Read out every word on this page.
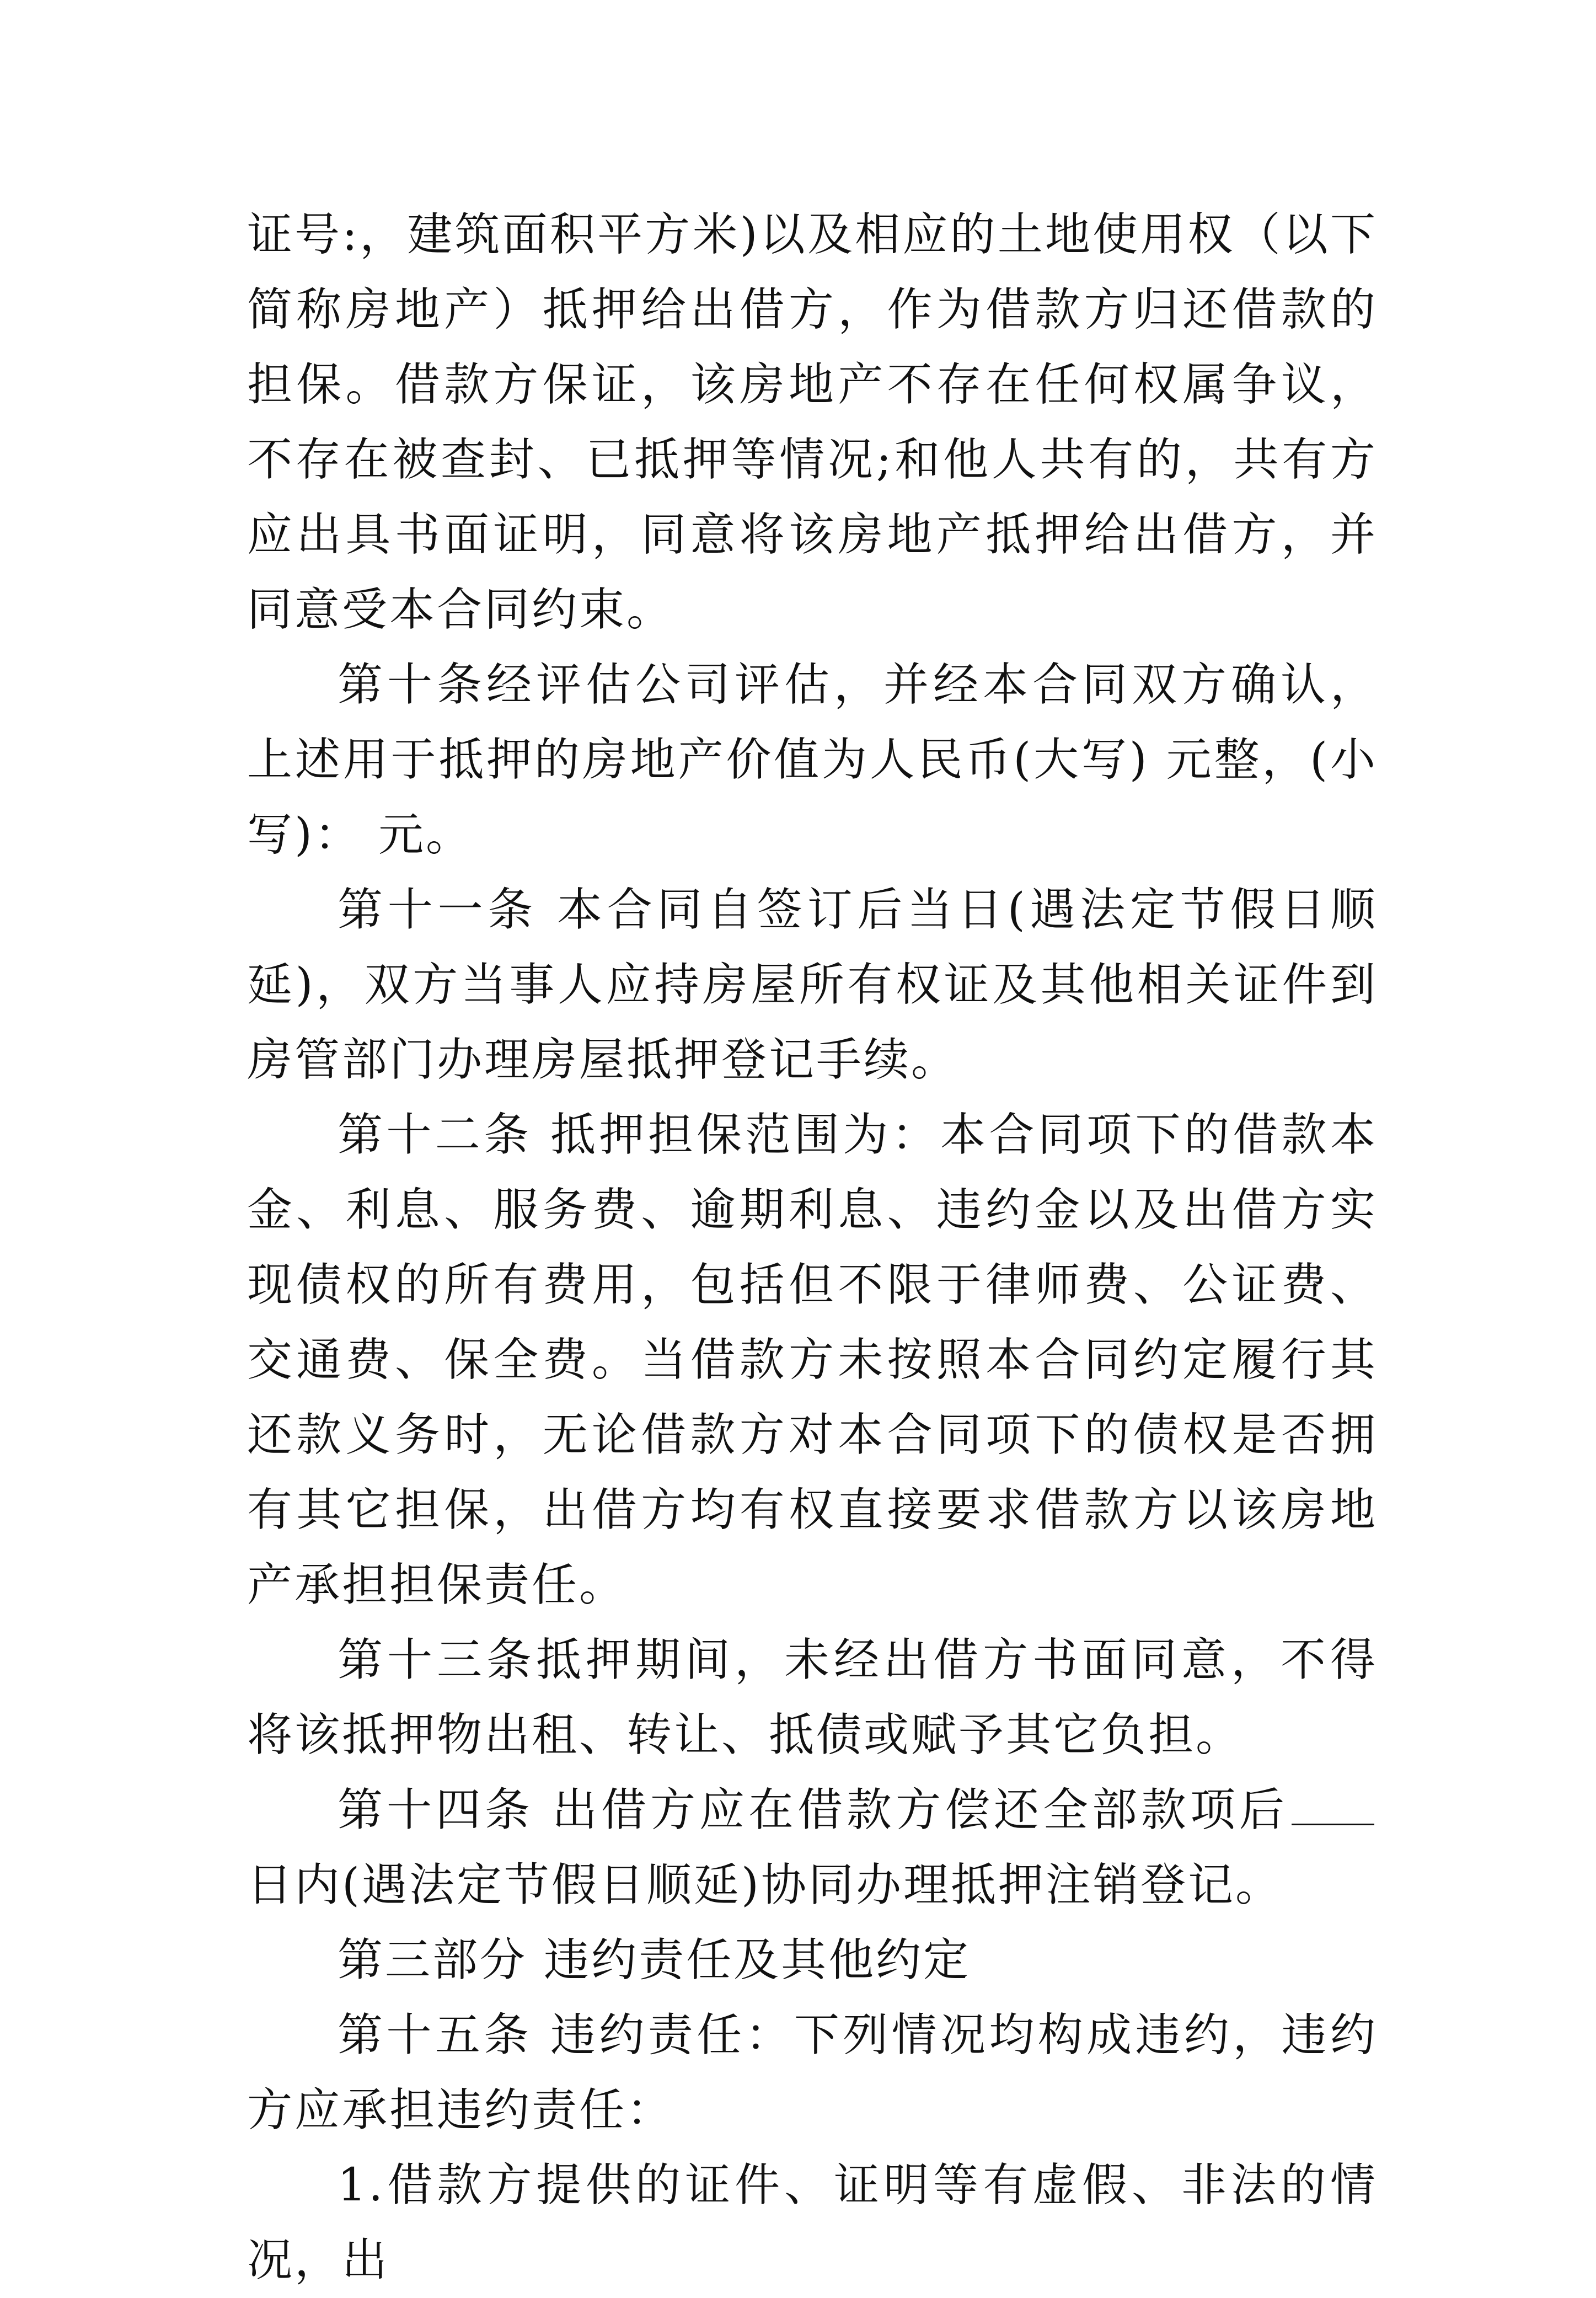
证号:，建筑面积平方米)以及相应的土地使用权（以下简称房地产）抵押给出借方，作为借款方归还借款的担保。借款方保证，该房地产不存在任何权属争议，不存在被查封、已抵押等情况;和他人共有的，共有方应出具书面证明，同意将该房地产抵押给出借方，并同意受本合同约束。

第十条经评估公司评估，并经本合同双方确认，上述用于抵押的房地产价值为人民币(大写) 元整，(小写)： 元。

第十一条 本合同自签订后当日(遇法定节假日顺延)，双方当事人应持房屋所有权证及其他相关证件到房管部门办理房屋抵押登记手续。

第十二条 抵押担保范围为：本合同项下的借款本金、利息、服务费、逾期利息、违约金以及出借方实现债权的所有费用，包括但不限于律师费、公证费、交通费、保全费。当借款方未按照本合同约定履行其还款义务时，无论借款方对本合同项下的债权是否拥有其它担保，出借方均有权直接要求借款方以该房地产承担担保责任。

第十三条抵押期间，未经出借方书面同意，不得将该抵押物出租、转让、抵债或赋予其它负担。

第十四条 出借方应在借款方偿还全部款项后日内(遇法定节假日顺延)协同办理抵押注销登记。

第三部分 违约责任及其他约定

第十五条 违约责任：下列情况均构成违约，违约方应承担违约责任：

1.借款方提供的证件、证明等有虚假、非法的情况，出
